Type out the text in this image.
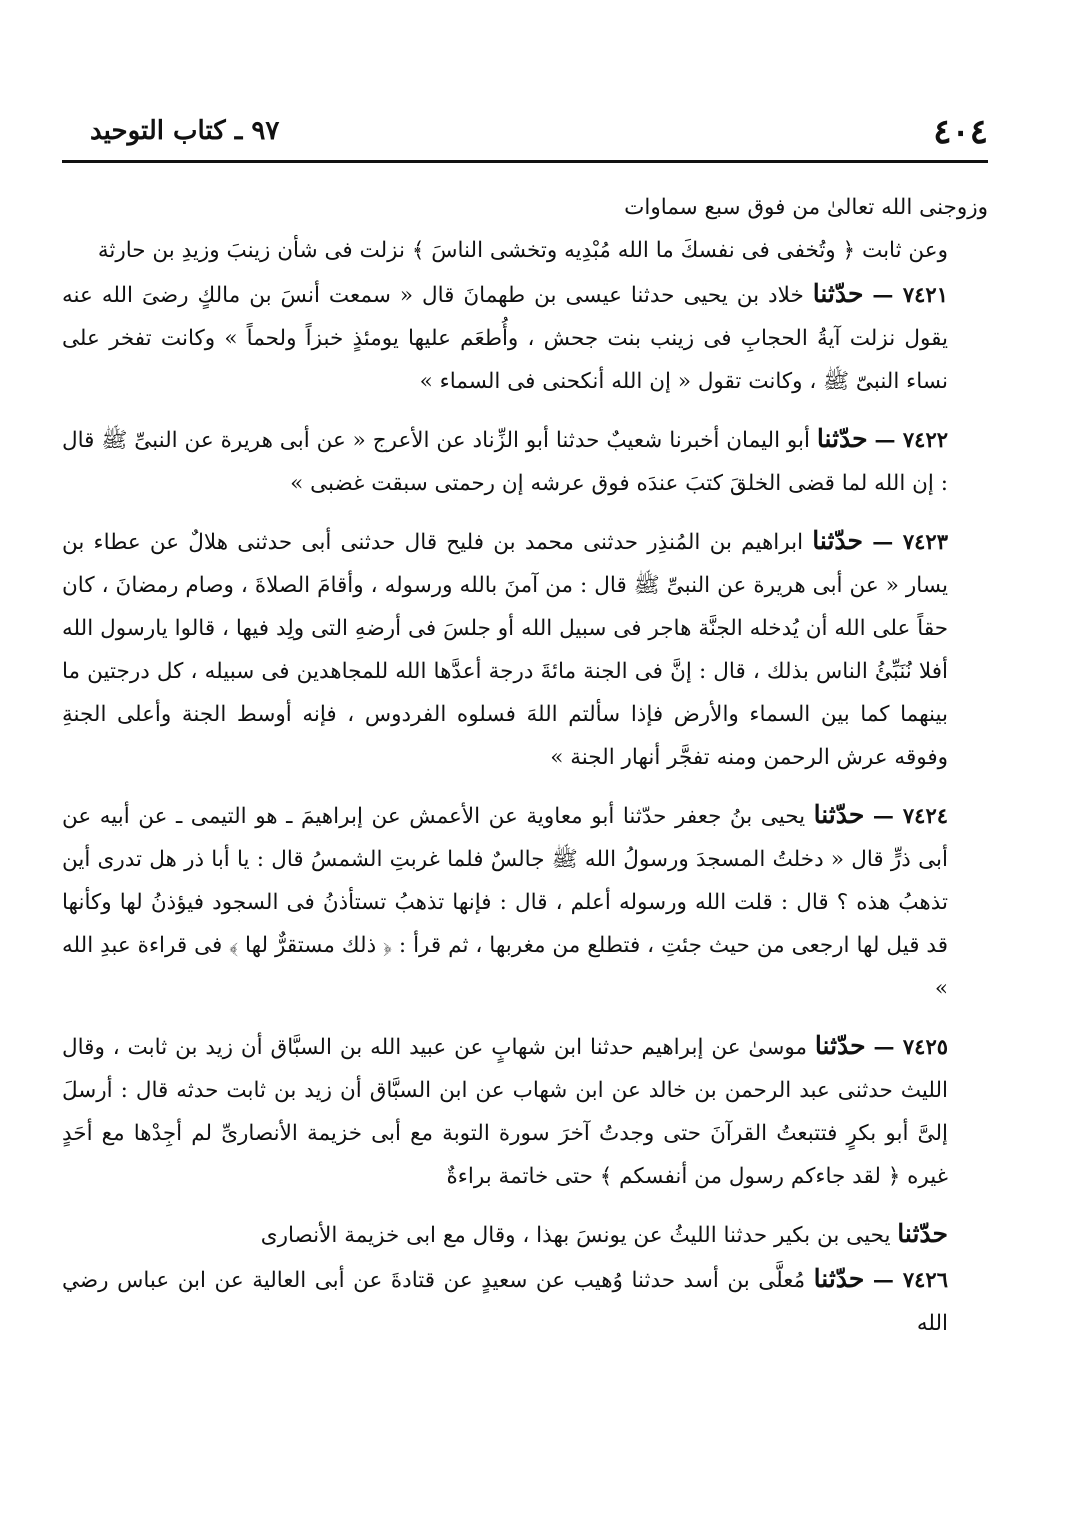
٤٠٤
٩٧ ـ كتاب التوحيد

وزوجنى الله تعالىٰ من فوق سبع سماوات

وعن ثابت ﴿ وتُخفى فى نفسكَ ما الله مُبْدِيه وتخشى الناسَ ﴾ نزلت فى شأن زينبَ وزيدِ بن حارثة

٧٤٢١ — حدّثنا خلاد بن يحيى حدثنا عيسى بن طهمانَ قال « سمعت أنسَ بن مالكٍ رضىَ الله عنه يقول نزلت آيةُ الحجابِ فى زينب بنت جحش ، وأُطعَم عليها يومئذٍ خبزاً ولحماً » وكانت تفخر على نساء النبىّ ﷺ ، وكانت تقول « إن الله أنكحنى فى السماء »

٧٤٢٢ — حدّثنا أبو اليمان أخبرنا شعيبٌ حدثنا أبو الزِّناد عن الأعرج « عن أبى هريرة عن النبىِّ ﷺ قال : إن الله لما قضى الخلقَ كتبَ عندَه فوق عرشه إن رحمتى سبقت غضبى »

٧٤٢٣ — حدّثنا ابراهيم بن المُنذِر حدثنى محمد بن فليح قال حدثنى أبى حدثنى هلالٌ عن عطاء بن يسار « عن أبى هريرة عن النبىِّ ﷺ قال : من آمنَ بالله ورسوله ، وأقامَ الصلاةَ ، وصام رمضانَ ، كان حقاً على الله أن يُدخله الجنَّة هاجر فى سبيل الله أو جلسَ فى أرضهِ التى ولِد فيها ، قالوا يارسول الله أفلا نُنَبِّئُ الناس بذلك ، قال : إنَّ فى الجنة مائةَ درجة أعدَّها الله للمجاهدين فى سبيله ، كل درجتين ما بينهما كما بين السماء والأرض فإذا سألتم اللهَ فسلوه الفردوس ، فإنه أوسط الجنة وأعلى الجنةِ وفوقه عرش الرحمن ومنه تفجَّر أنهار الجنة »

٧٤٢٤ — حدّثنا يحيى بنُ جعفر حدّثنا أبو معاوية عن الأعمش عن إبراهيمَ ـ هو التيمى ـ عن أبيه عن أبى ذرٍّ قال « دخلتُ المسجدَ ورسولُ الله ﷺ جالسٌ فلما غربتِ الشمسُ قال : يا أبا ذر هل تدرى أين تذهبُ هذه ؟ قال : قلت الله ورسوله أعلم ، قال : فإنها تذهبُ تستأذنُ فى السجود فيؤذنُ لها وكأنها قد قيل لها ارجعى من حيث جئتِ ، فتطلع من مغربها ، ثم قرأ : ﴿ ذلك مستقرٌّ لها ﴾ فى قراءة عبدِ الله »

٧٤٢٥ — حدّثنا موسىٰ عن إبراهيم حدثنا ابن شهابٍ عن عبيد الله بن السبَّاق أن زيد بن ثابت ، وقال الليث حدثنى عبد الرحمن بن خالد عن ابن شهاب عن ابن السبَّاق أن زيد بن ثابت حدثه قال : أرسلَ إلىَّ أبو بكرٍ فتتبعتُ القرآنَ حتى وجدتُ آخرَ سورة التوبة مع أبى خزيمة الأنصارىِّ لم أجِدْها مع أحَدٍ غيره ﴿ لقد جاءكم رسول من أنفسكم ﴾ حتى خاتمة براءةٌ

حدّثنا يحيى بن بكير حدثنا الليثُ عن يونسَ بهذا ، وقال مع ابى خزيمة الأنصارى

٧٤٢٦ — حدّثنا مُعلَّى بن أسد حدثنا وُهيب عن سعيدٍ عن قتادةَ عن أبى العالية عن ابن عباس رضي الله
